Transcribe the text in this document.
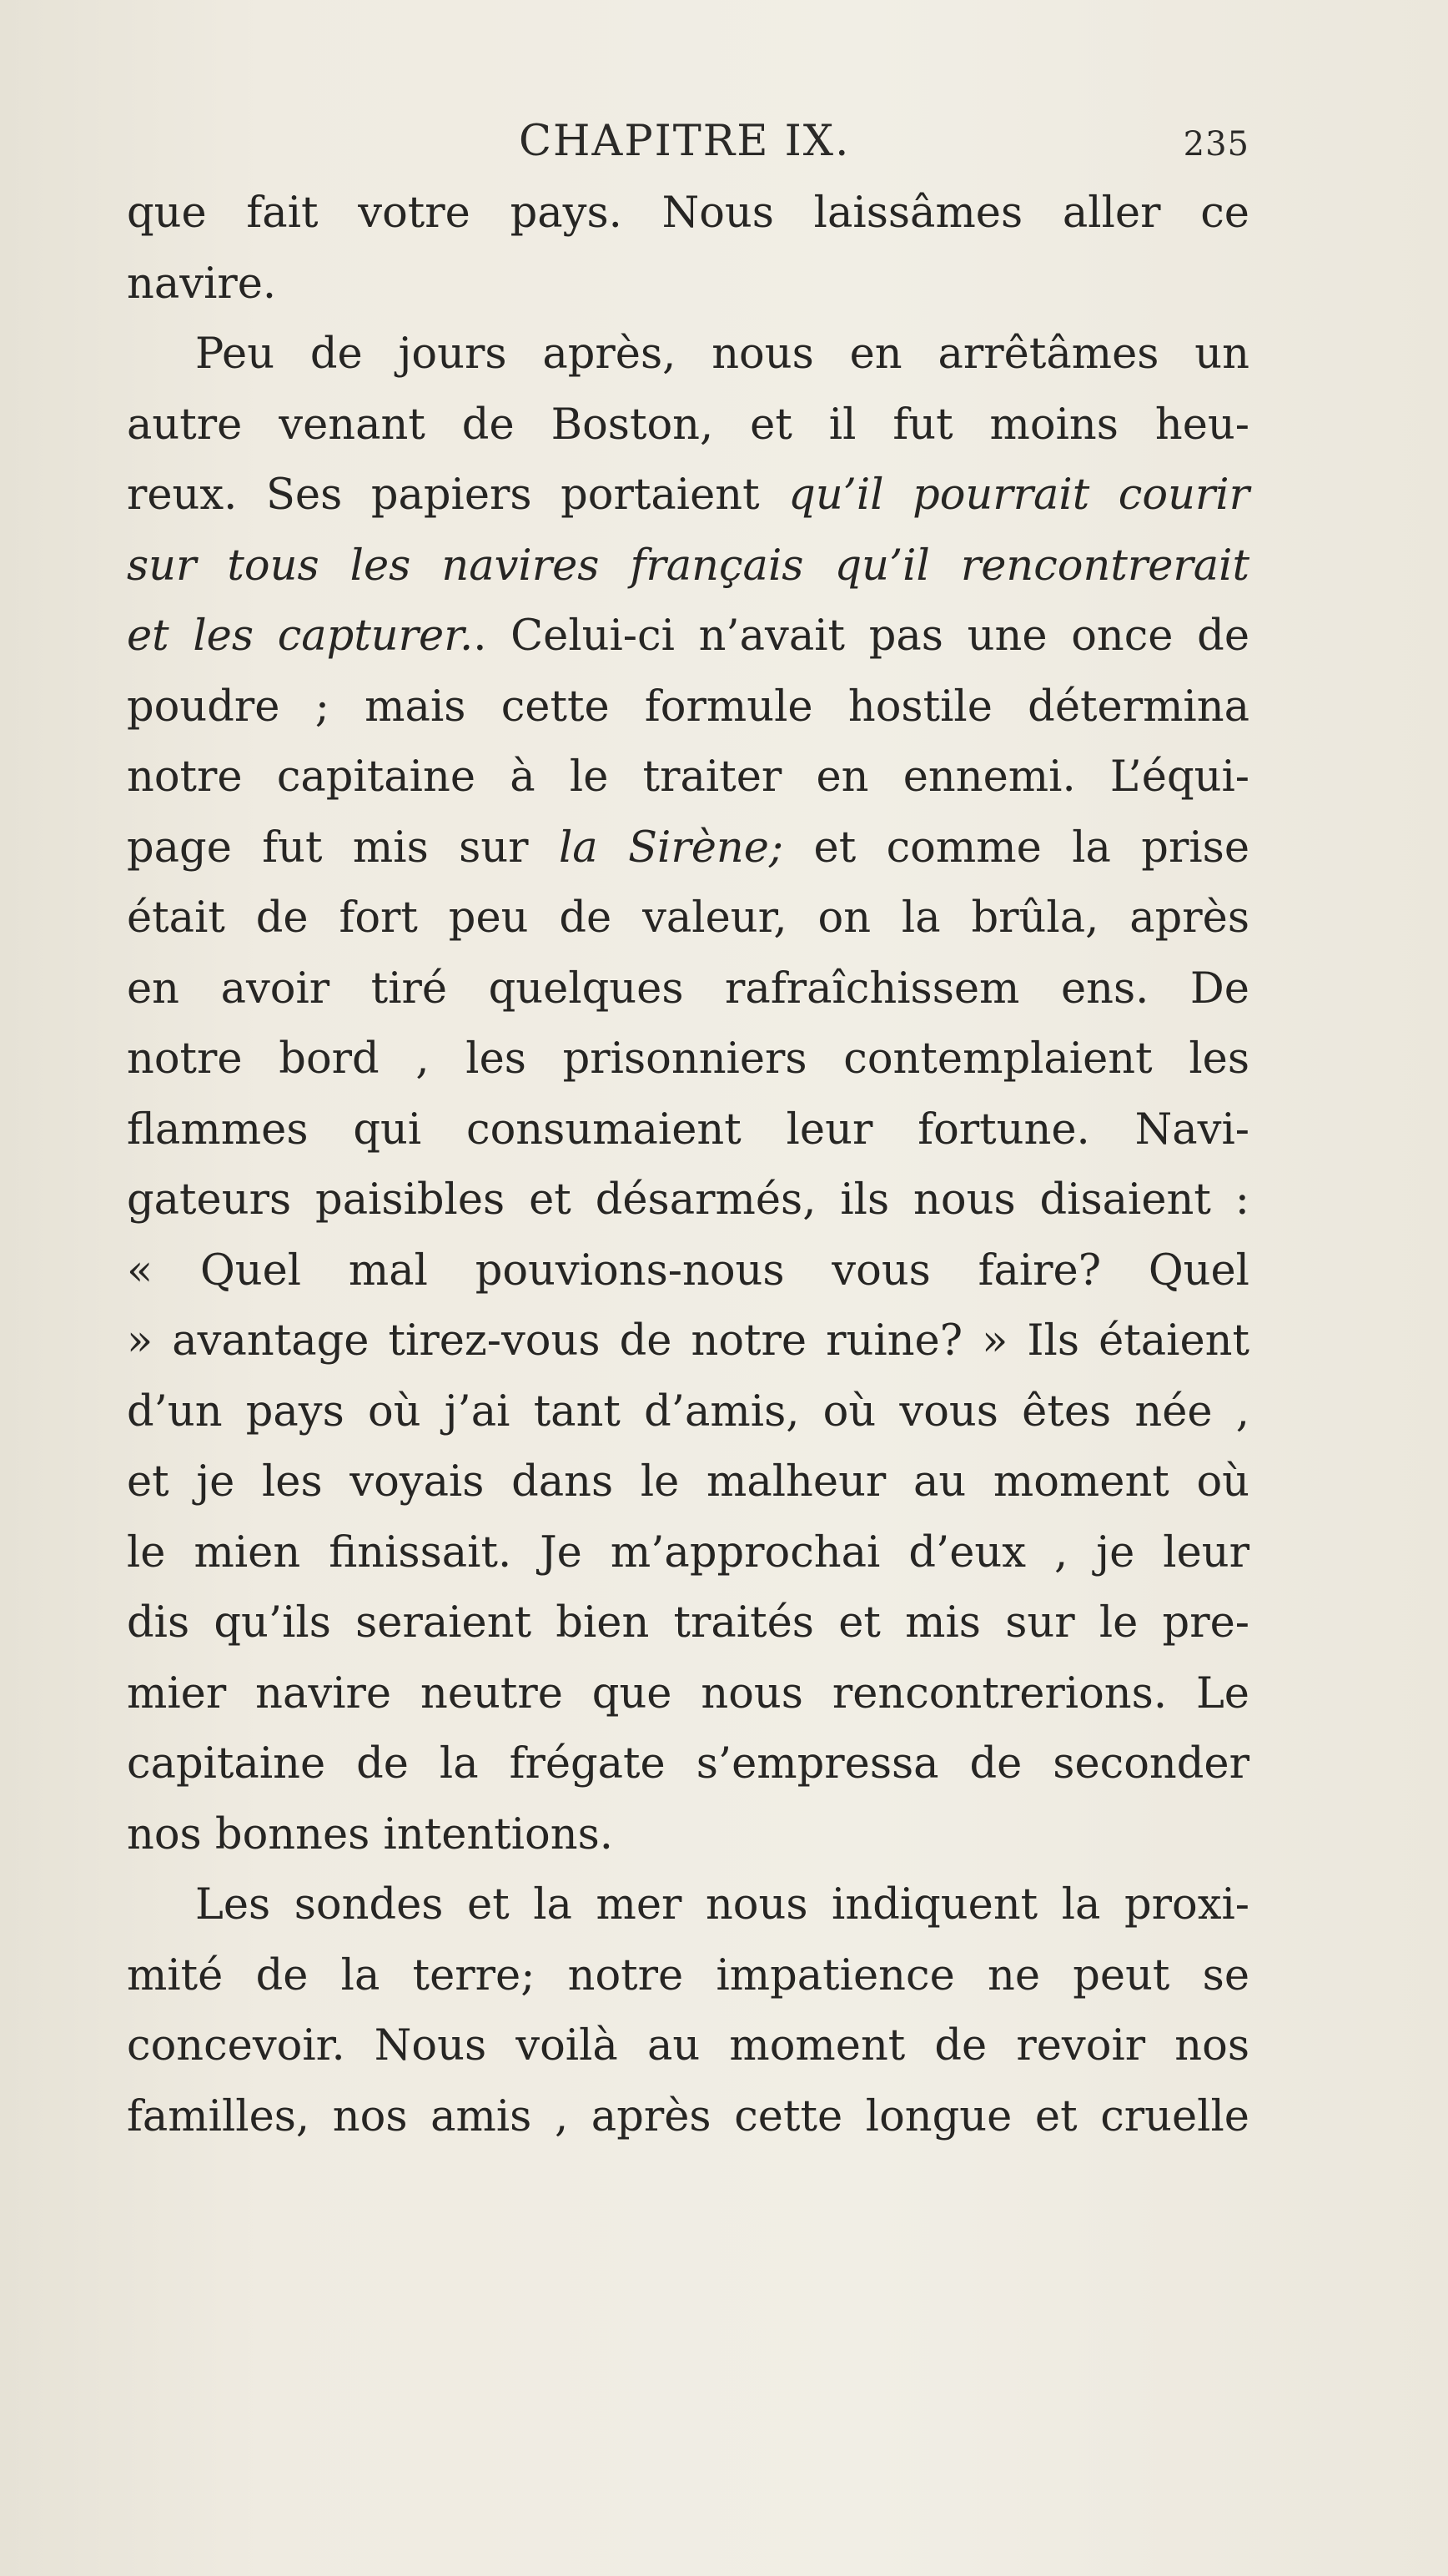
CHAPITRE IX.	235
que fait votre pays. Nous laissâmes aller ce
navire.
Peu de jours après, nous en arrêtâmes un
autre venant de Boston, et il fut moins heu-
reux. Ses papiers portaient qu’il pourrait courir
sur tous les navires français qu’il rencontrerait
et les capturer.. Celui-ci n’avait pas une once de
poudre ; mais cette formule hostile détermina
notre capitaine à le traiter en ennemi. L’équi-
page fut mis sur la Sirène; et comme la prise
était de fort peu de valeur, on la brûla, après
en avoir tiré quelques rafraîchissem ens. De
notre bord , les prisonniers contemplaient les
flammes qui consumaient leur fortune. Navi-
gateurs paisibles et désarmés, ils nous disaient :
« Quel mal pouvions-nous vous faire? Quel
» avantage tirez-vous de notre ruine? » Ils étaient
d’un pays où j’ai tant d’amis, où vous êtes née ,
et je les voyais dans le malheur au moment où
le mien finissait. Je m’approchai d’eux , je leur
dis qu’ils seraient bien traités et mis sur le pre-
mier navire neutre que nous rencontrerions. Le
capitaine de la frégate s’empressa de seconder
nos bonnes intentions.
Les sondes et la mer nous indiquent la proxi-
mité de la terre; notre impatience ne peut se
concevoir. Nous voilà au moment de revoir nos
familles, nos amis , après cette longue et cruelle
